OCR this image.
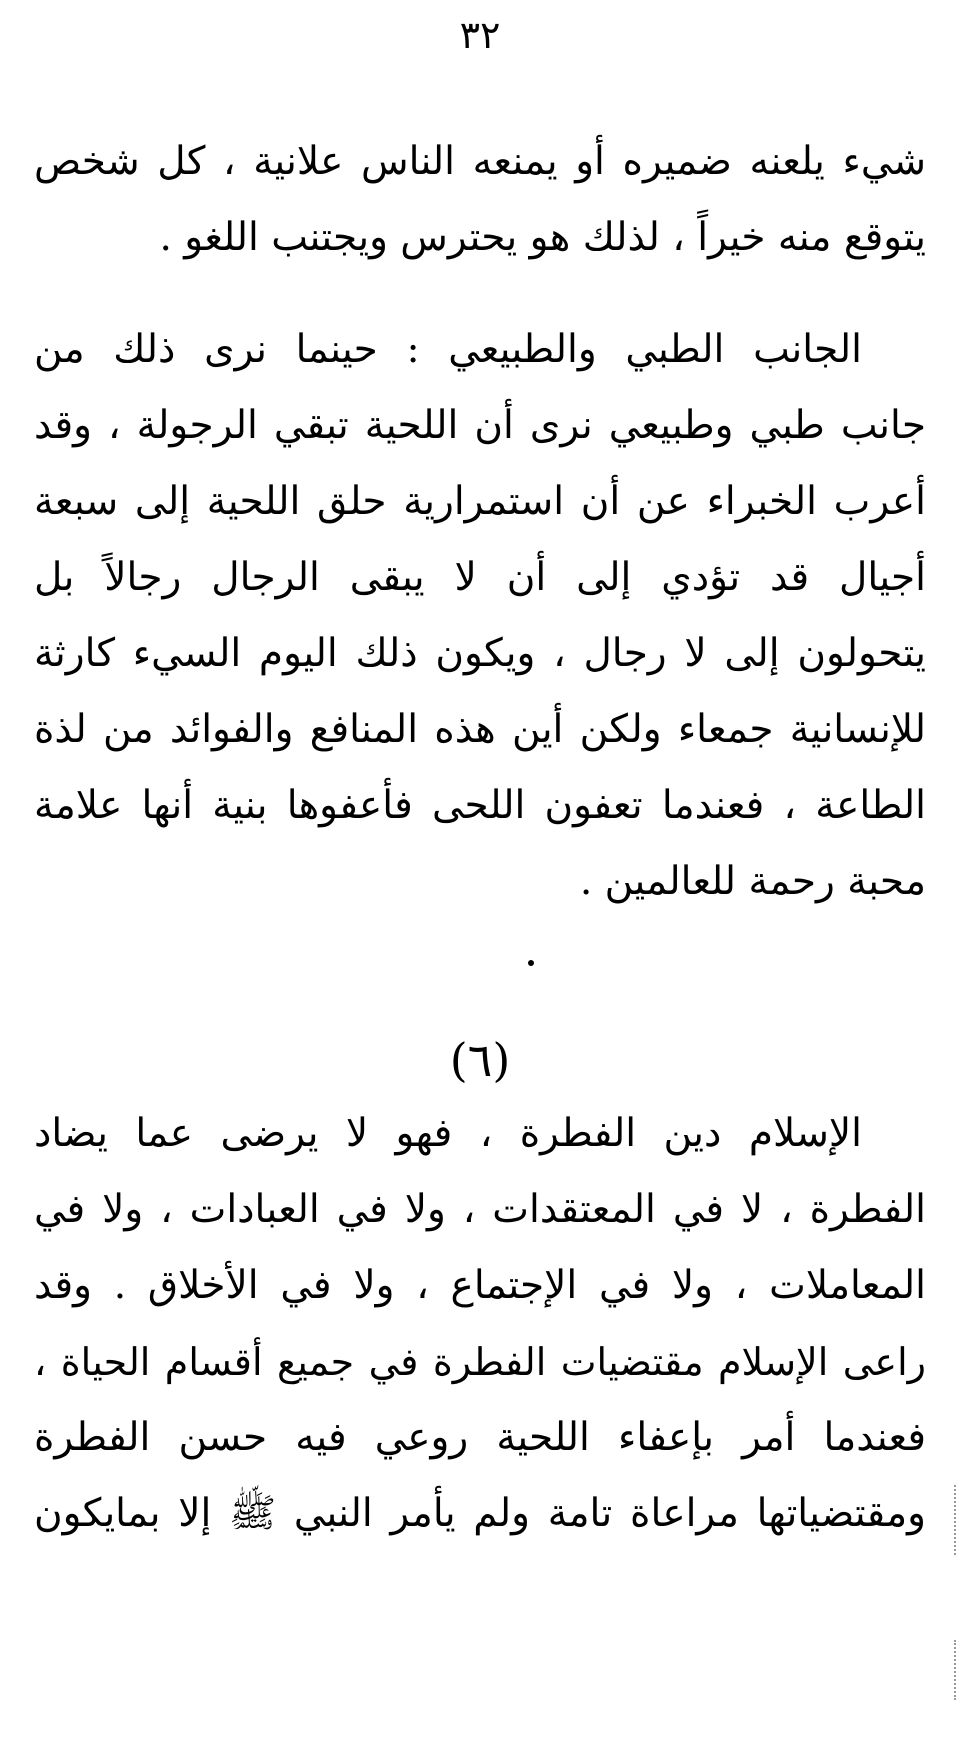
٣٢
شيء يلعنه ضميره أو يمنعه الناس علانية ، كل شخص
يتوقع منه خيراً ، لذلك هو يحترس ويجتنب اللغو .
الجانب الطبي والطبيعي : حينما نرى ذلك من
جانب طبي وطبيعي نرى أن اللحية تبقي الرجولة ، وقد
أعرب الخبراء عن أن استمرارية حلق اللحية إلى سبعة
أجيال قد تؤدي إلى أن لا يبقى الرجال رجالاً بل
يتحولون إلى لا رجال ، ويكون ذلك اليوم السيء كارثة
للإنسانية جمعاء ولكن أين هذه المنافع والفوائد من لذة
الطاعة ، فعندما تعفون اللحى فأعفوها بنية أنها علامة
محبة رحمة للعالمين .
(٦)
الإسلام دين الفطرة ، فهو لا يرضى عما يضاد
الفطرة ، لا في المعتقدات ، ولا في العبادات ، ولا في
المعاملات ، ولا في الإجتماع ، ولا في الأخلاق . وقد
راعى الإسلام مقتضيات الفطرة في جميع أقسام الحياة ،
فعندما أمر بإعفاء اللحية روعي فيه حسن الفطرة
ومقتضياتها مراعاة تامة ولم يأمر النبي ﷺ إلا بمايكون
